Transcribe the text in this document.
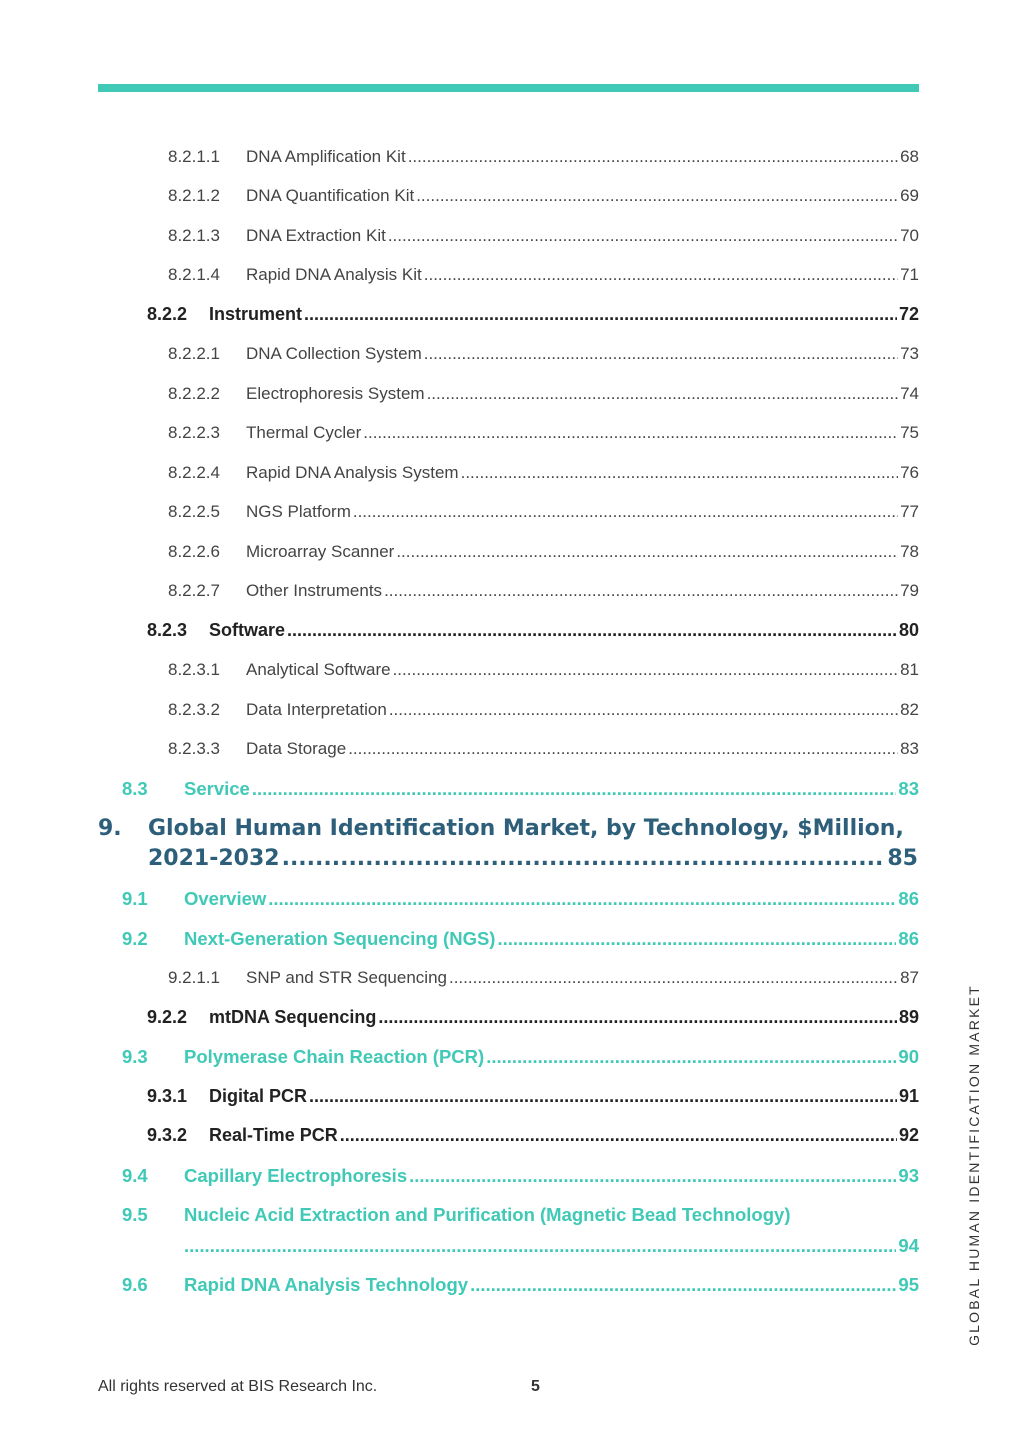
8.2.1.1	DNA Amplification Kit .....	68
8.2.1.2	DNA Quantification Kit .....	69
8.2.1.3	DNA Extraction Kit .....	70
8.2.1.4	Rapid DNA Analysis Kit .....	71
8.2.2	Instrument .....	72
8.2.2.1	DNA Collection System .....	73
8.2.2.2	Electrophoresis System .....	74
8.2.2.3	Thermal Cycler .....	75
8.2.2.4	Rapid DNA Analysis System .....	76
8.2.2.5	NGS Platform .....	77
8.2.2.6	Microarray Scanner .....	78
8.2.2.7	Other Instruments .....	79
8.2.3	Software .....	80
8.2.3.1	Analytical Software .....	81
8.2.3.2	Data Interpretation .....	82
8.2.3.3	Data Storage .....	83
8.3	Service .....	83
9. Global Human Identification Market, by Technology, $Million,
2021-2032 .....	85
9.1	Overview .....	86
9.2	Next-Generation Sequencing (NGS) .....	86
9.2.1.1	SNP and STR Sequencing .....	87
9.2.2	mtDNA Sequencing .....	89
9.3	Polymerase Chain Reaction (PCR) .....	90
9.3.1	Digital PCR .....	91
9.3.2	Real-Time PCR .....	92
9.4	Capillary Electrophoresis .....	93
9.5	Nucleic Acid Extraction and Purification (Magnetic Bead Technology)
.....
94
9.6	Rapid DNA Analysis Technology .....	95	GLOBAL HUMAN IDENTIFICATION MARKET
All rights reserved at BIS Research Inc.	5
